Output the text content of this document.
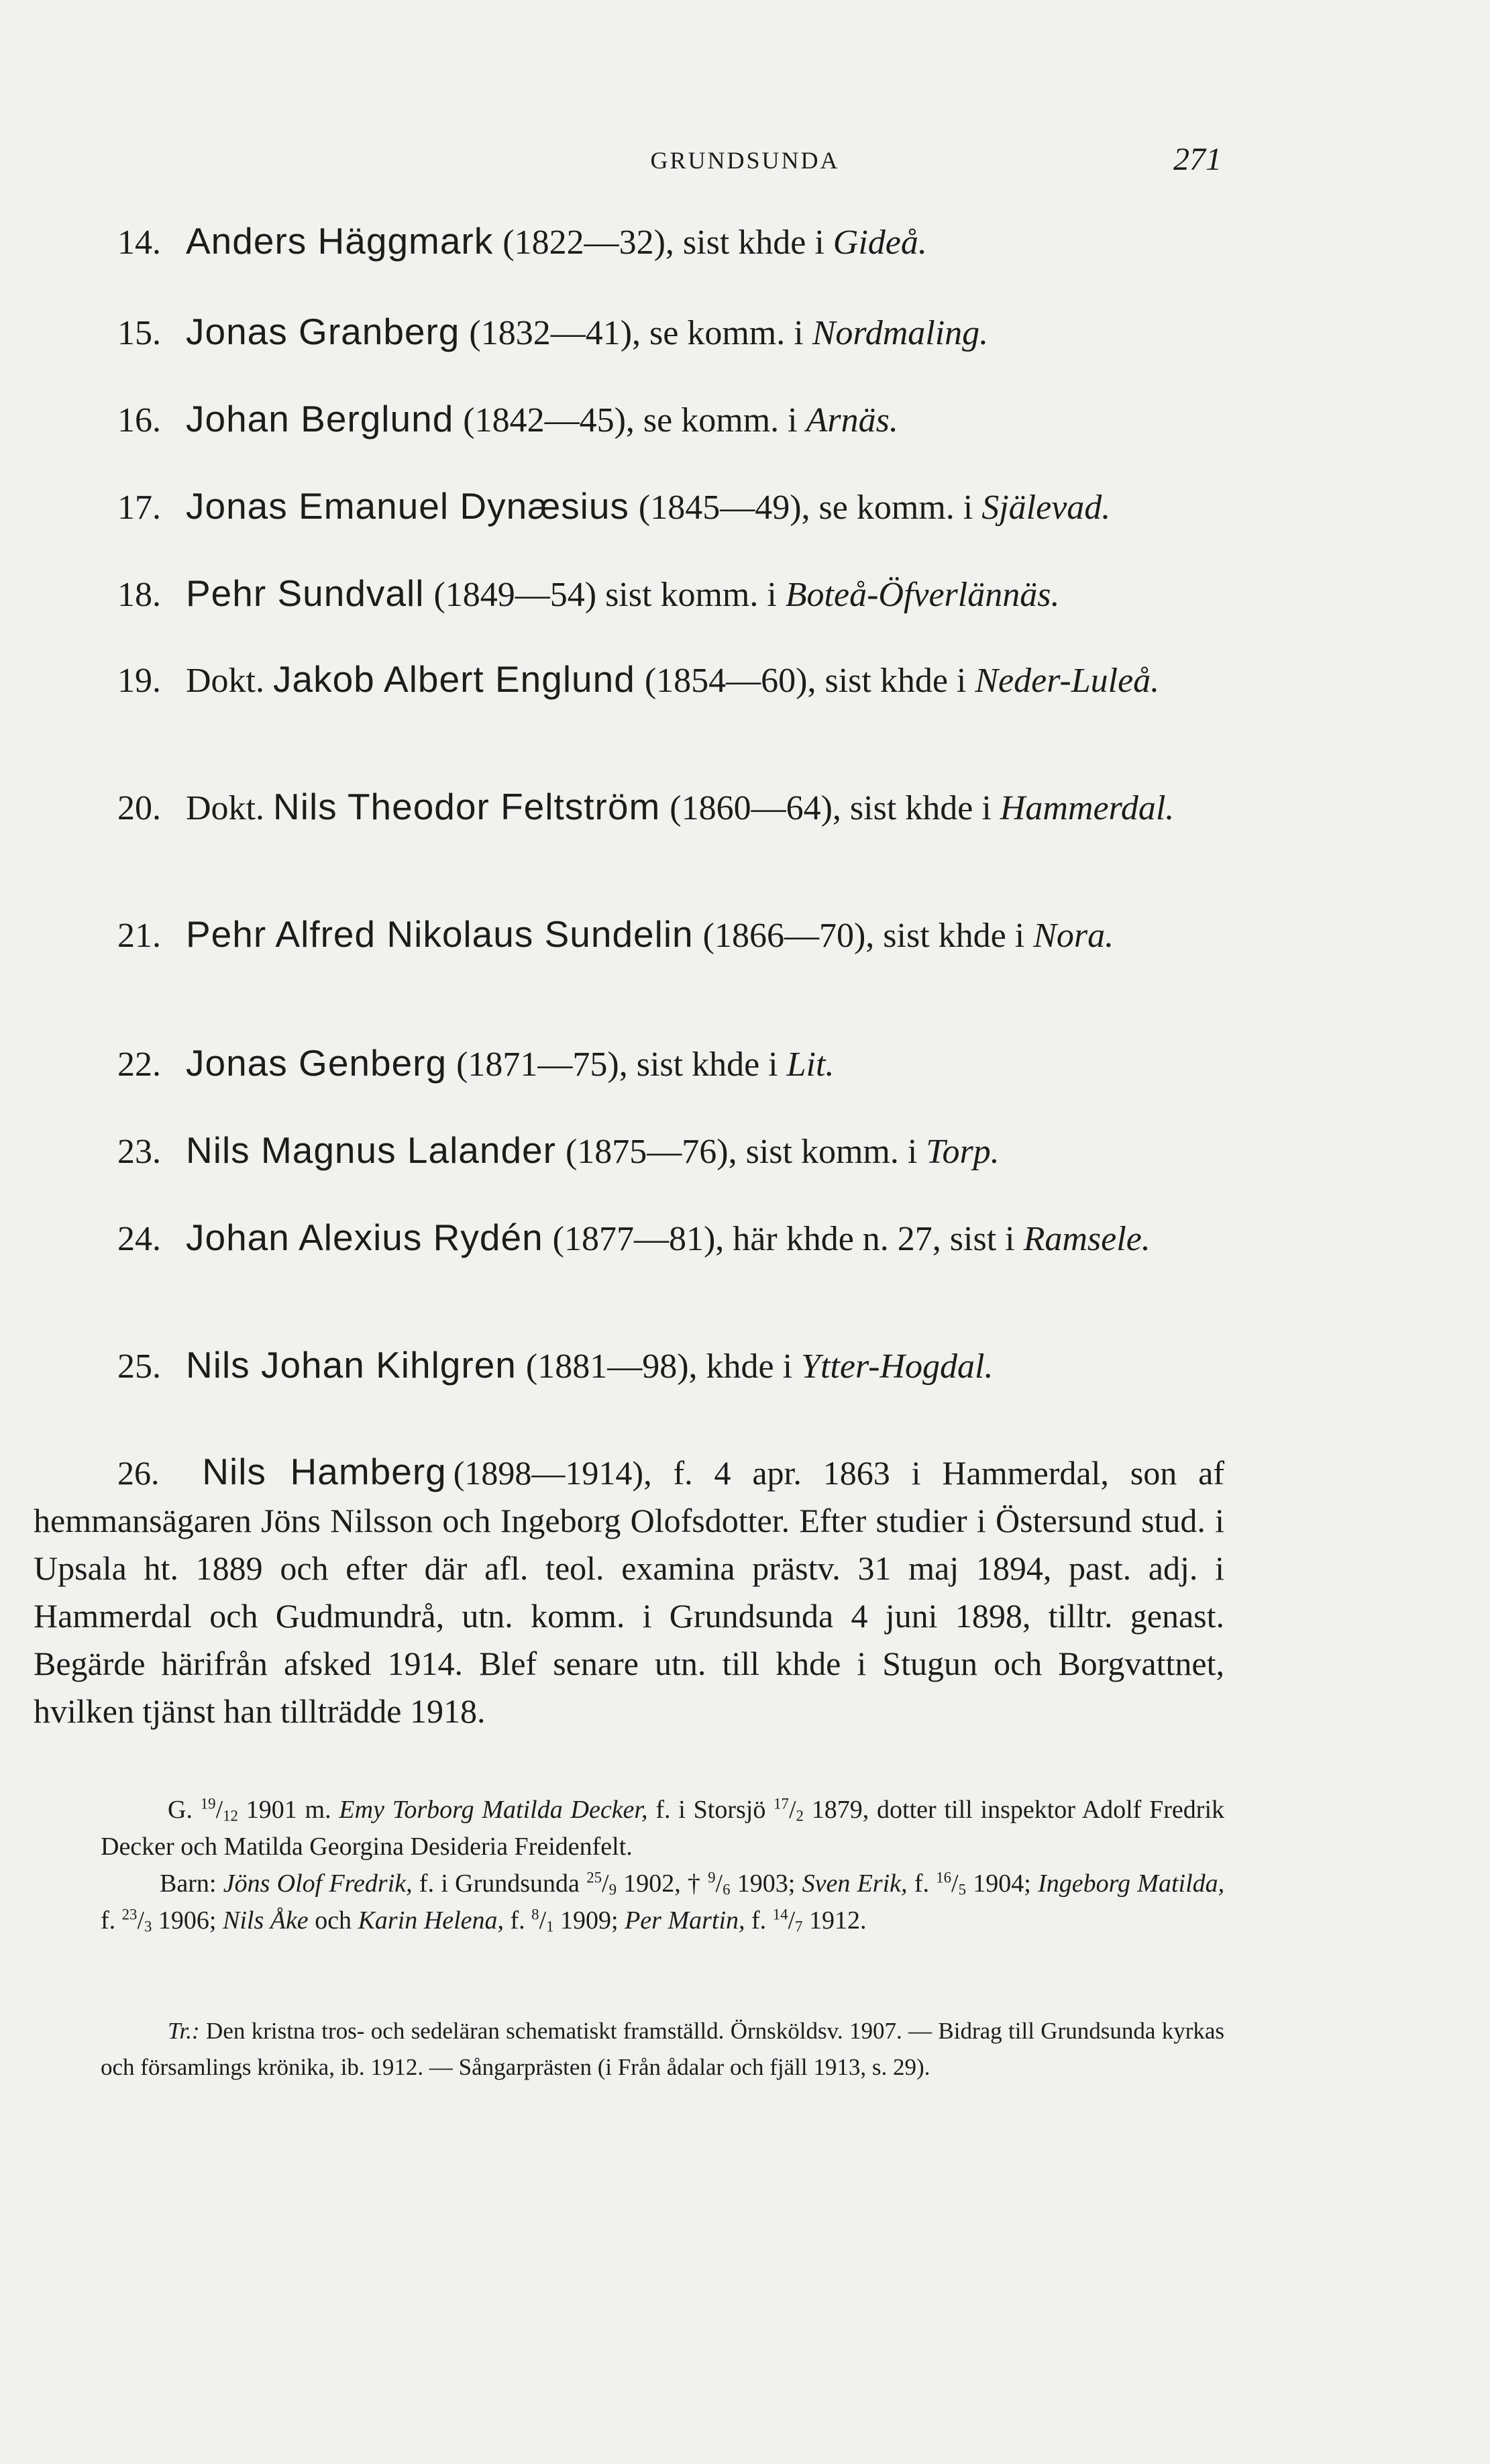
GRUNDSUNDA	271
14. Anders Häggmark (1822—32), sist khde i Gideå.
15. Jonas Granberg (1832—41), se komm. i Nordmaling.
16. Johan Berglund (1842—45), se komm. i Arnäs.
17. Jonas Emanuel Dynæsius (1845—49), se komm. i Själevad.
18. Pehr Sundvall (1849—54) sist komm. i Boteå-Öfverlännäs.
19. Dokt. Jakob Albert Englund (1854—60), sist khde i Neder-Luleå.
20. Dokt. Nils Theodor Feltström (1860—64), sist khde i Hammerdal.
21. Pehr Alfred Nikolaus Sundelin (1866—70), sist khde i Nora.
22. Jonas Genberg (1871—75), sist khde i Lit.
23. Nils Magnus Lalander (1875—76), sist komm. i Torp.
24. Johan Alexius Rydén (1877—81), här khde n. 27, sist i Ramsele.
25. Nils Johan Kihlgren (1881—98), khde i Ytter-Hogdal.
26. Nils Hamberg (1898—1914), f. 4 apr. 1863 i Hammerdal, son af hemmansägaren Jöns Nilsson och Ingeborg Olofsdotter. Efter studier i Östersund stud. i Upsala ht. 1889 och efter där afl. teol. examina prästv. 31 maj 1894, past. adj. i Hammerdal och Gudmundrå, utn. komm. i Grundsunda 4 juni 1898, tilltr. genast. Begärde härifrån afsked 1914. Blef senare utn. till khde i Stugun och Borgvattnet, hvilken tjänst han tillträdde 1918.
G. $^{19}/_{12}$ 1901 m. Emy Torborg Matilda Decker, f. i Storsjö $^{17}/_2$ 1879, dotter till inspektor Adolf Fredrik Decker och Matilda Georgina Desideria Freidenfelt.
Barn: Jöns Olof Fredrik, f. i Grundsunda $^{25}/_9$ 1902, † $^9/_6$ 1903; Sven Erik, f. $^{16}/_5$ 1904; Ingeborg Matilda, f. $^{23}/_3$ 1906; Nils Åke och Karin Helena, f. $^8/_1$ 1909; Per Martin, f. $^{14}/_7$ 1912.
Tr.: Den kristna tros- och sedeläran schematiskt framställd. Örnsköldsv. 1907. — Bidrag till Grundsunda kyrkas och församlings krönika, ib. 1912. — Sångarprästen (i Från ådalar och fjäll 1913, s. 29).
